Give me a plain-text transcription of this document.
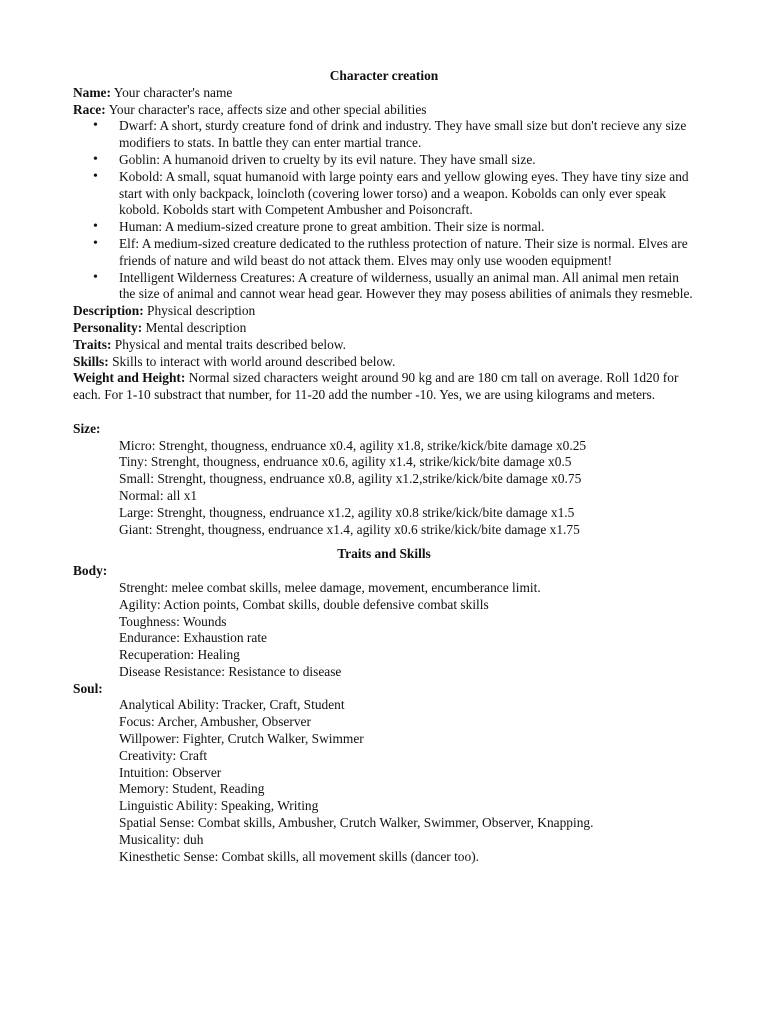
Character creation

Name: Your character's name

Race: Your character's race, affects size and other special abilities

• Dwarf: A short, sturdy creature fond of drink and industry. They have small size but don't recieve any size modifiers to stats. In battle they can enter martial trance.
• Goblin: A humanoid driven to cruelty by its evil nature. They have small size.
• Kobold: A small, squat humanoid with large pointy ears and yellow glowing eyes. They have tiny size and start with only backpack, loincloth (covering lower torso) and a weapon. Kobolds can only ever speak kobold. Kobolds start with Competent Ambusher and Poisoncraft.
• Human: A medium-sized creature prone to great ambition. Their size is normal.
• Elf: A medium-sized creature dedicated to the ruthless protection of nature. Their size is normal. Elves are friends of nature and wild beast do not attack them. Elves may only use wooden equipment!
• Intelligent Wilderness Creatures: A creature of wilderness, usually an animal man. All animal men retain the size of animal and cannot wear head gear. However they may posess abilities of animals they resmeble.

Description: Physical description

Personality: Mental description

Traits: Physical and mental traits described below.

Skills: Skills to interact with world around described below.

Weight and Height: Normal sized characters weight around 90 kg and are 180 cm tall on average. Roll 1d20 for each. For 1-10 substract that number, for 11-20 add the number -10. Yes, we are using kilograms and meters.

Size:

Micro: Strenght, thougness, endruance x0.4, agility x1.8, strike/kick/bite damage x0.25

Tiny: Strenght, thougness, endruance x0.6, agility x1.4, strike/kick/bite damage x0.5

Small: Strenght, thougness, endruance x0.8, agility x1.2,strike/kick/bite damage x0.75

Normal: all x1

Large: Strenght, thougness, endruance x1.2, agility x0.8 strike/kick/bite damage x1.5

Giant: Strenght, thougness, endruance x1.4, agility x0.6 strike/kick/bite damage x1.75

Traits and Skills

Body:

Strenght: melee combat skills, melee damage, movement, encumberance limit.

Agility: Action points, Combat skills, double defensive combat skills

Toughness: Wounds

Endurance: Exhaustion rate

Recuperation: Healing

Disease Resistance: Resistance to disease

Soul:

Analytical Ability: Tracker, Craft, Student

Focus: Archer, Ambusher, Observer

Willpower: Fighter, Crutch Walker, Swimmer

Creativity: Craft

Intuition: Observer

Memory: Student, Reading

Linguistic Ability: Speaking, Writing

Spatial Sense: Combat skills, Ambusher, Crutch Walker, Swimmer, Observer, Knapping.

Musicality: duh

Kinesthetic Sense: Combat skills, all movement skills (dancer too).
